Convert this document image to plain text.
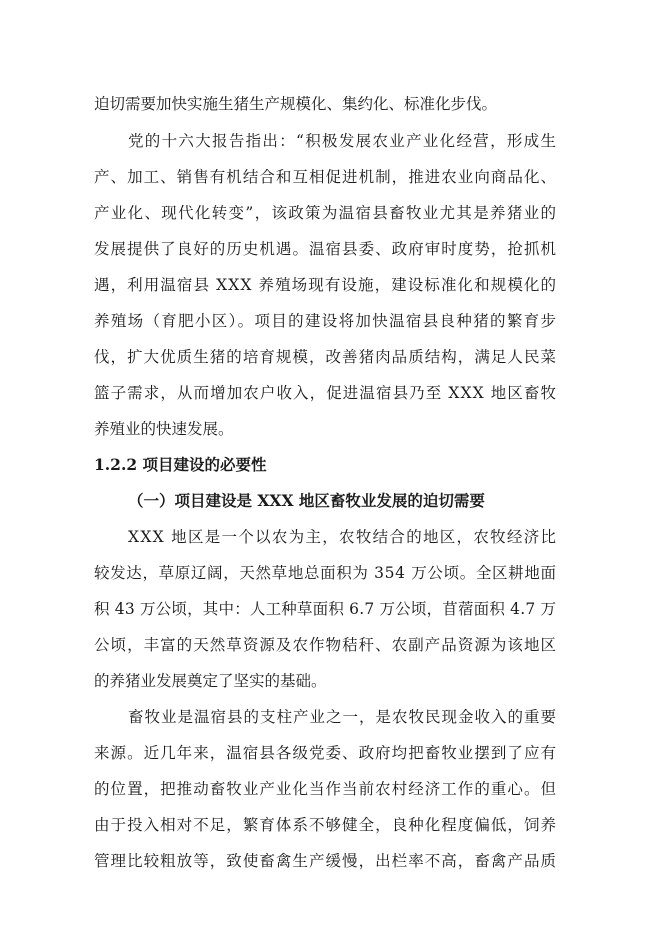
迫切需要加快实施生猪生产规模化、集约化、标准化步伐。
党的十六大报告指出：“积极发展农业产业化经营，形成生
产、加工、销售有机结合和互相促进机制，推进农业向商品化、
产业化、现代化转变”，该政策为温宿县畜牧业尤其是养猪业的
发展提供了良好的历史机遇。温宿县委、政府审时度势，抢抓机
遇，利用温宿县 XXX 养殖场现有设施，建设标准化和规模化的
养殖场（育肥小区）。项目的建设将加快温宿县良种猪的繁育步
伐，扩大优质生猪的培育规模，改善猪肉品质结构，满足人民菜
篮子需求，从而增加农户收入，促进温宿县乃至 XXX 地区畜牧
养殖业的快速发展。
1.2.2 项目建设的必要性
（一）项目建设是 XXX 地区畜牧业发展的迫切需要
XXX 地区是一个以农为主，农牧结合的地区，农牧经济比
较发达，草原辽阔，天然草地总面积为 354 万公顷。全区耕地面
积 43 万公顷，其中：人工种草面积 6.7 万公顷，苜蓿面积 4.7 万
公顷，丰富的天然草资源及农作物秸秆、农副产品资源为该地区
的养猪业发展奠定了坚实的基础。
畜牧业是温宿县的支柱产业之一，是农牧民现金收入的重要
来源。近几年来，温宿县各级党委、政府均把畜牧业摆到了应有
的位置，把推动畜牧业产业化当作当前农村经济工作的重心。但
由于投入相对不足，繁育体系不够健全，良种化程度偏低，饲养
管理比较粗放等，致使畜禽生产缓慢，出栏率不高，畜禽产品质
